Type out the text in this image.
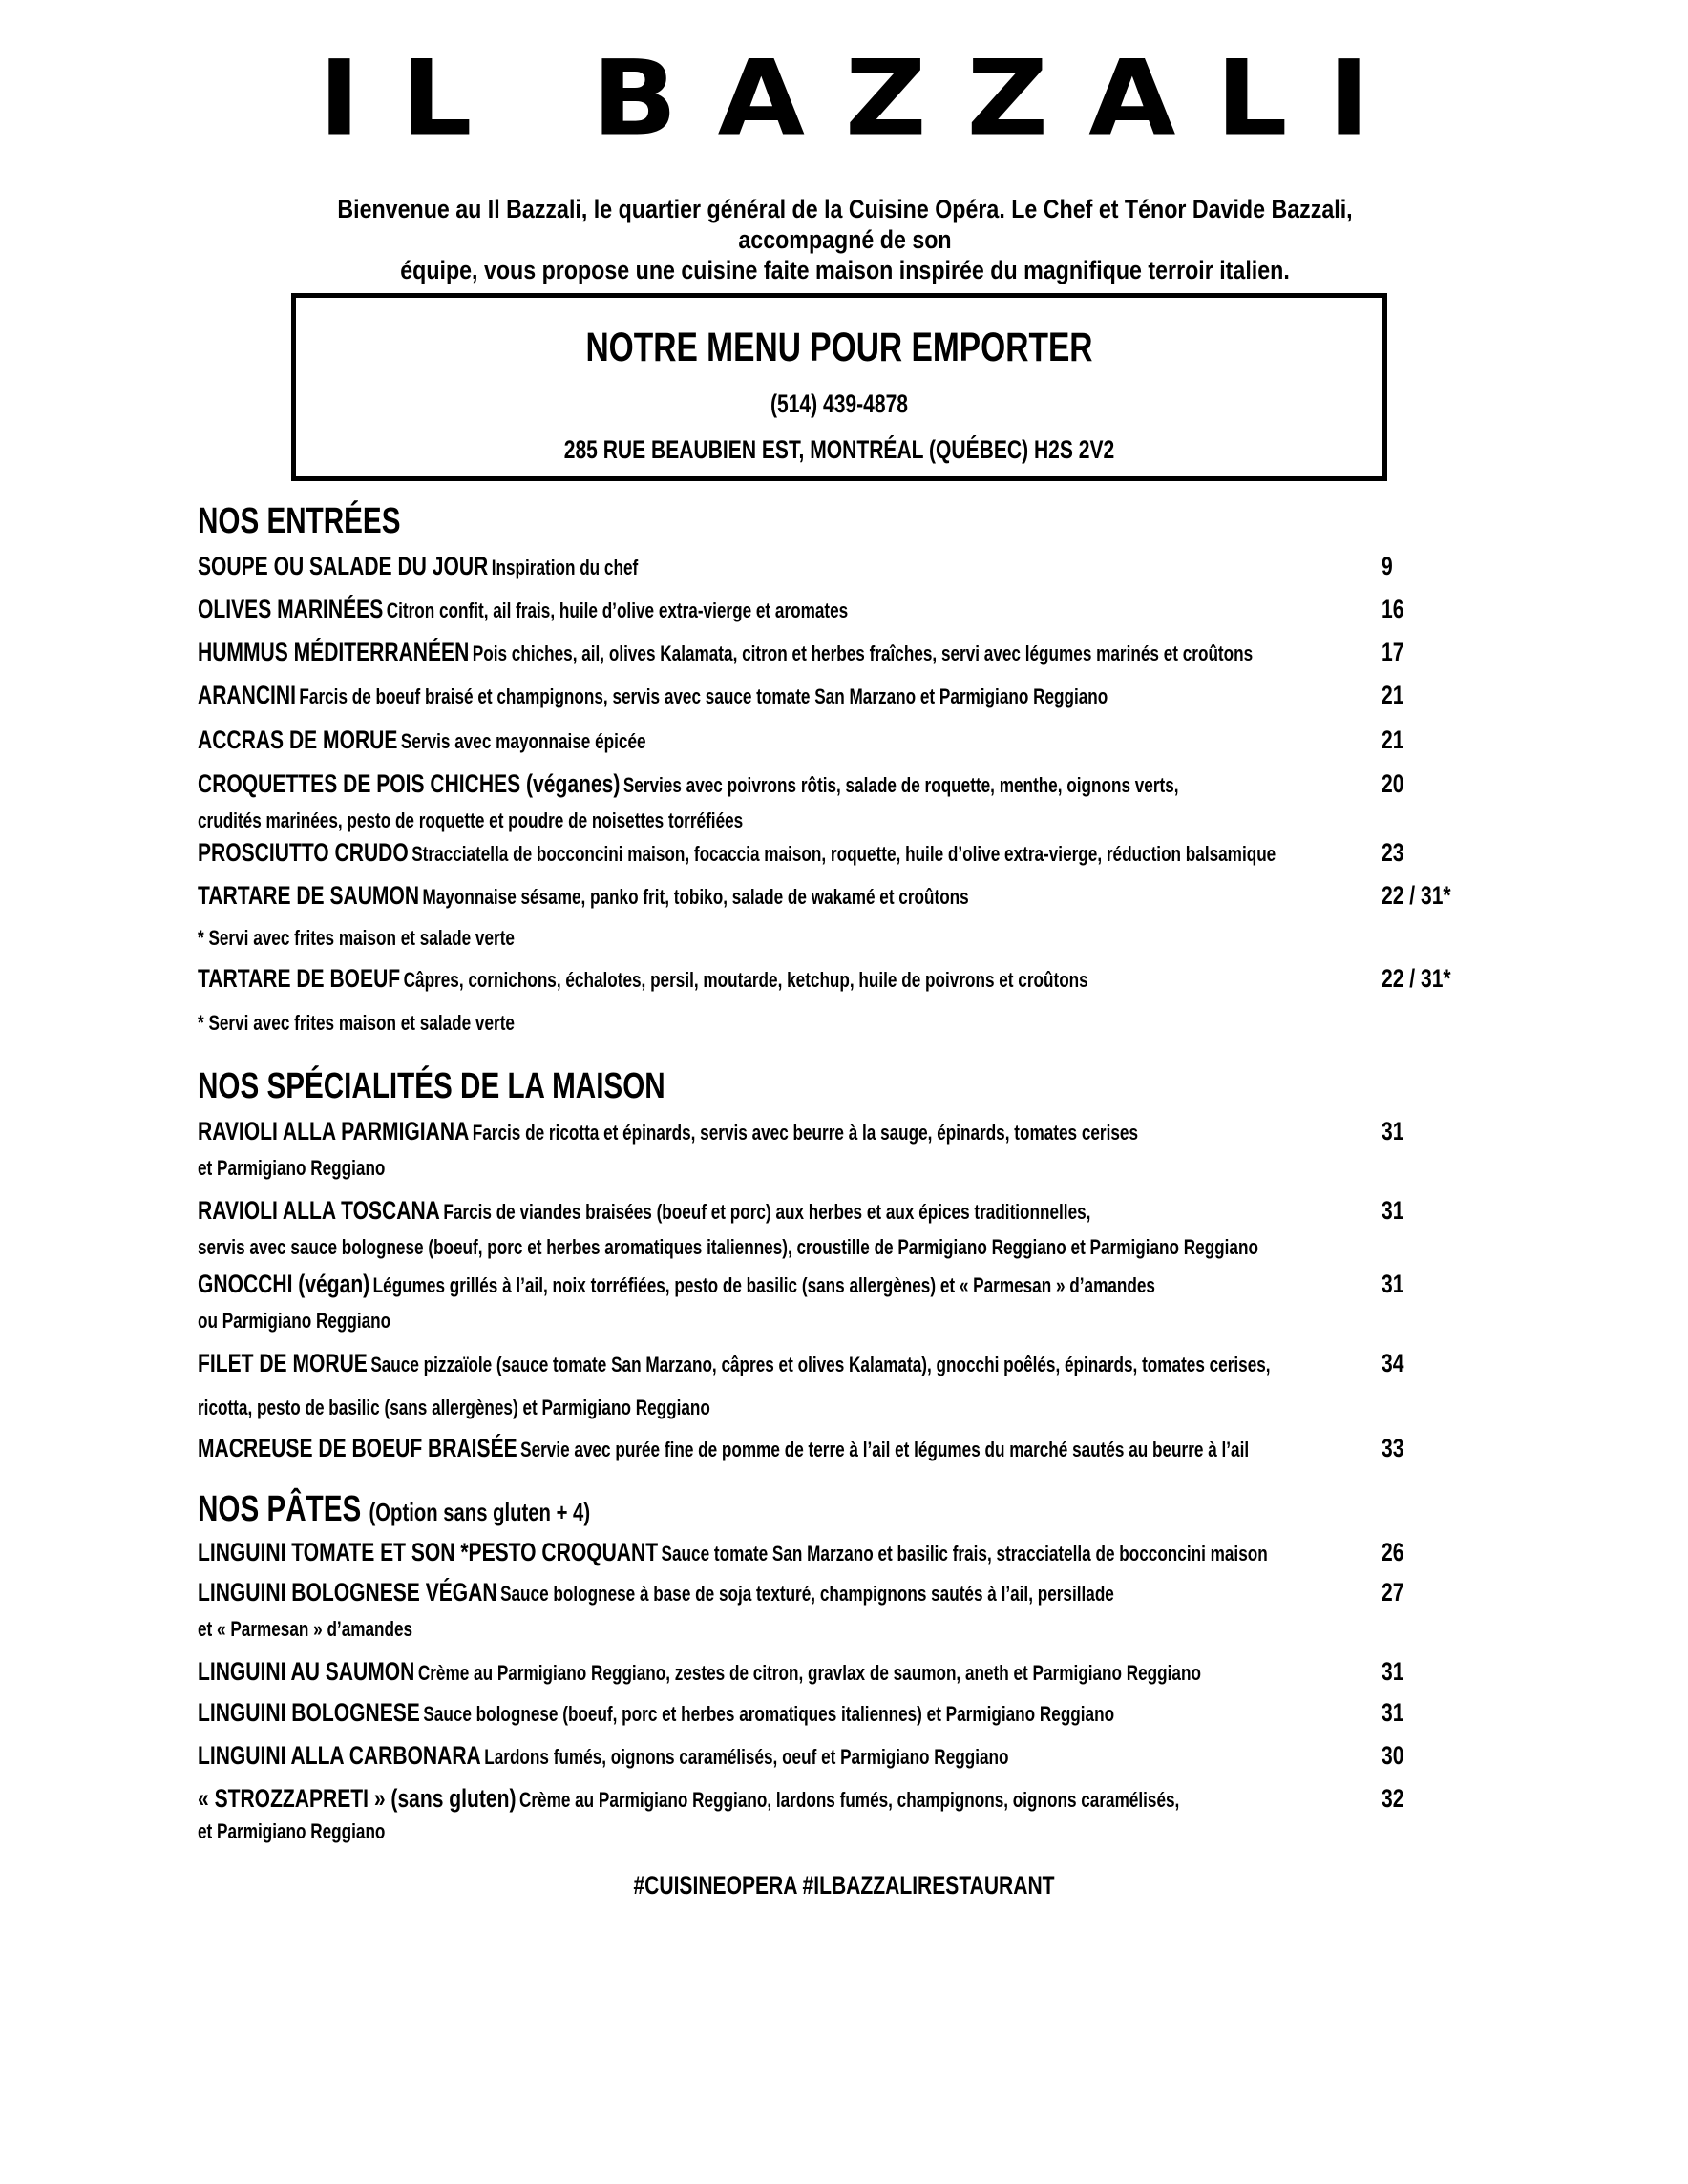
IL BAZZALI
Bienvenue au Il Bazzali, le quartier général de la Cuisine Opéra. Le Chef et Ténor Davide Bazzali, accompagné de son
équipe, vous propose une cuisine faite maison inspirée du magnifique terroir italien.
NOTRE MENU POUR EMPORTER
(514) 439-4878
285 RUE BEAUBIEN EST, MONTRÉAL (QUÉBEC) H2S 2V2
NOS ENTRÉES
SOUPE OU SALADE DU JOUR Inspiration du chef	9
OLIVES MARINÉES Citron confit, ail frais, huile d’olive extra-vierge et aromates	16
HUMMUS MÉDITERRANÉEN Pois chiches, ail, olives Kalamata, citron et herbes fraîches, servi avec légumes marinés et croûtons	17
ARANCINI Farcis de boeuf braisé et champignons, servis avec sauce tomate San Marzano et Parmigiano Reggiano	21
ACCRAS DE MORUE Servis avec mayonnaise épicée	21
CROQUETTES DE POIS CHICHES (véganes) Servies avec poivrons rôtis, salade de roquette, menthe, oignons verts,
crudités marinées, pesto de roquette et poudre de noisettes torréfiées
20
PROSCIUTTO CRUDO Stracciatella de bocconcini maison, focaccia maison, roquette, huile d’olive extra-vierge, réduction balsamique	23
TARTARE DE SAUMON Mayonnaise sésame, panko frit, tobiko, salade de wakamé et croûtons	22 / 31*
* Servi avec frites maison et salade verte
TARTARE DE BOEUF Câpres, cornichons, échalotes, persil, moutarde, ketchup, huile de poivrons et croûtons	22 / 31*
* Servi avec frites maison et salade verte
NOS SPÉCIALITÉS DE LA MAISON
RAVIOLI ALLA PARMIGIANA Farcis de ricotta et épinards, servis avec beurre à la sauge, épinards, tomates cerises
et Parmigiano Reggiano
31
RAVIOLI ALLA TOSCANA Farcis de viandes braisées (boeuf et porc) aux herbes et aux épices traditionnelles,
servis avec sauce bolognese (boeuf, porc et herbes aromatiques italiennes), croustille de Parmigiano Reggiano et Parmigiano Reggiano
31
GNOCCHI (végan) Légumes grillés à l’ail, noix torréfiées, pesto de basilic (sans allergènes) et « Parmesan » d’amandes
ou Parmigiano Reggiano
31
FILET DE MORUE Sauce pizzaïole (sauce tomate San Marzano, câpres et olives Kalamata), gnocchi poêlés, épinards, tomates cerises,
ricotta, pesto de basilic (sans allergènes) et Parmigiano Reggiano
34
MACREUSE DE BOEUF BRAISÉE Servie avec purée fine de pomme de terre à l’ail et légumes du marché sautés au beurre à l’ail	33
NOS PÂTES (Option sans gluten + 4)
LINGUINI TOMATE ET SON *PESTO CROQUANT Sauce tomate San Marzano et basilic frais, stracciatella de bocconcini maison	26
LINGUINI BOLOGNESE VÉGAN Sauce bolognese à base de soja texturé, champignons sautés à l’ail, persillade
et « Parmesan » d’amandes
27
LINGUINI AU SAUMON Crème au Parmigiano Reggiano, zestes de citron, gravlax de saumon, aneth et Parmigiano Reggiano	31
LINGUINI BOLOGNESE Sauce bolognese (boeuf, porc et herbes aromatiques italiennes) et Parmigiano Reggiano	31
LINGUINI ALLA CARBONARA Lardons fumés, oignons caramélisés, oeuf et Parmigiano Reggiano	30
« STROZZAPRETI » (sans gluten) Crème au Parmigiano Reggiano, lardons fumés, champignons, oignons caramélisés,
et Parmigiano Reggiano
32
#CUISINEOPERA #ILBAZZALIRESTAURANT
